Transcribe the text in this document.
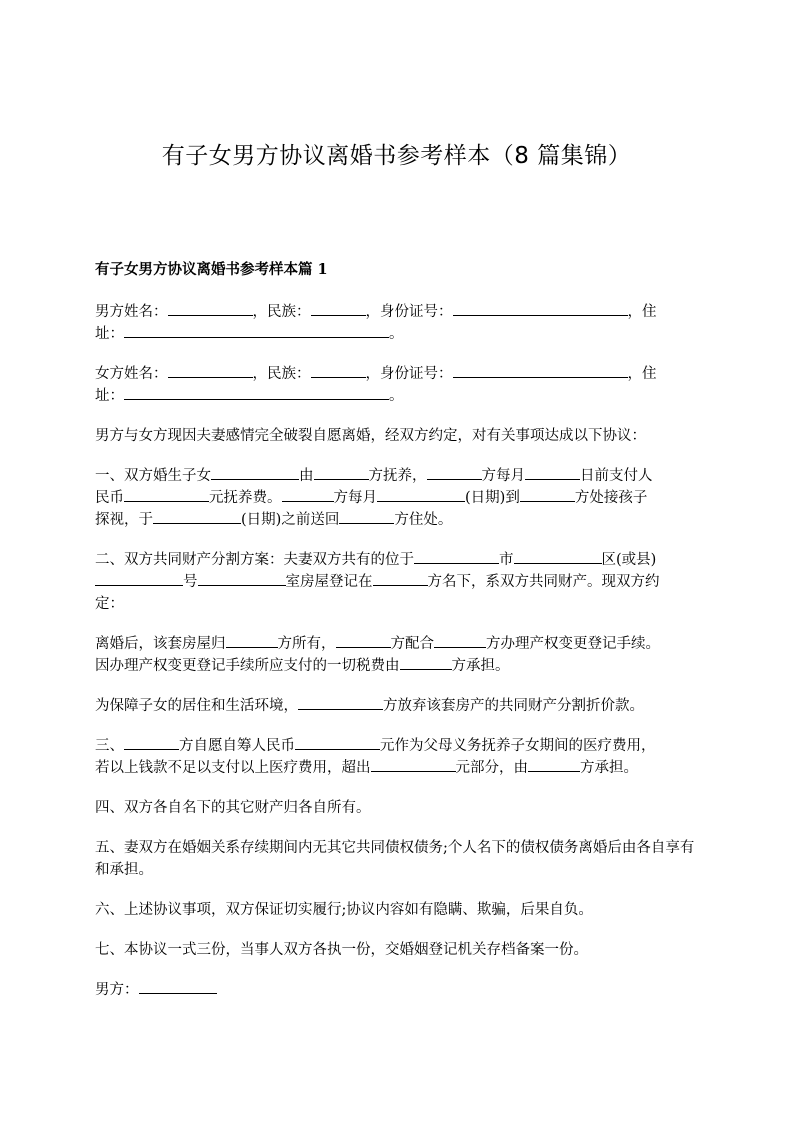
有子女男方协议离婚书参考样本（8 篇集锦）
有子女男方协议离婚书参考样本篇 1

男方姓名：	，民族：	，身份证号：	，住
址：	。

女方姓名：	，民族：	，身份证号：	，住
址：	。

男方与女方现因夫妻感情完全破裂自愿离婚，经双方约定，对有关事项达成以下协议：

一、双方婚生子女	由	方抚养，	方每月	日前支付人
民币	元抚养费。	方每月	(日期)到	方处接孩子
探视，于	(日期)之前送回	方住处。

二、双方共同财产分割方案：夫妻双方共有的位于	市	区(或县)
号	室房屋登记在	方名下，系双方共同财产。现双方约
定：

离婚后，该套房屋归	方所有，	方配合	方办理产权变更登记手续。
因办理产权变更登记手续所应支付的一切税费由	方承担。

为保障子女的居住和生活环境，	方放弃该套房产的共同财产分割折价款。

三、	方自愿自筹人民币	元作为父母义务抚养子女期间的医疗费用，
若以上钱款不足以支付以上医疗费用，超出	元部分，由	方承担。

四、双方各自名下的其它财产归各自所有。

五、妻双方在婚姻关系存续期间内无其它共同债权债务;个人名下的债权债务离婚后由各自享有和承担。

六、上述协议事项，双方保证切实履行;协议内容如有隐瞒、欺骗，后果自负。

七、本协议一式三份，当事人双方各执一份，交婚姻登记机关存档备案一份。

男方：
